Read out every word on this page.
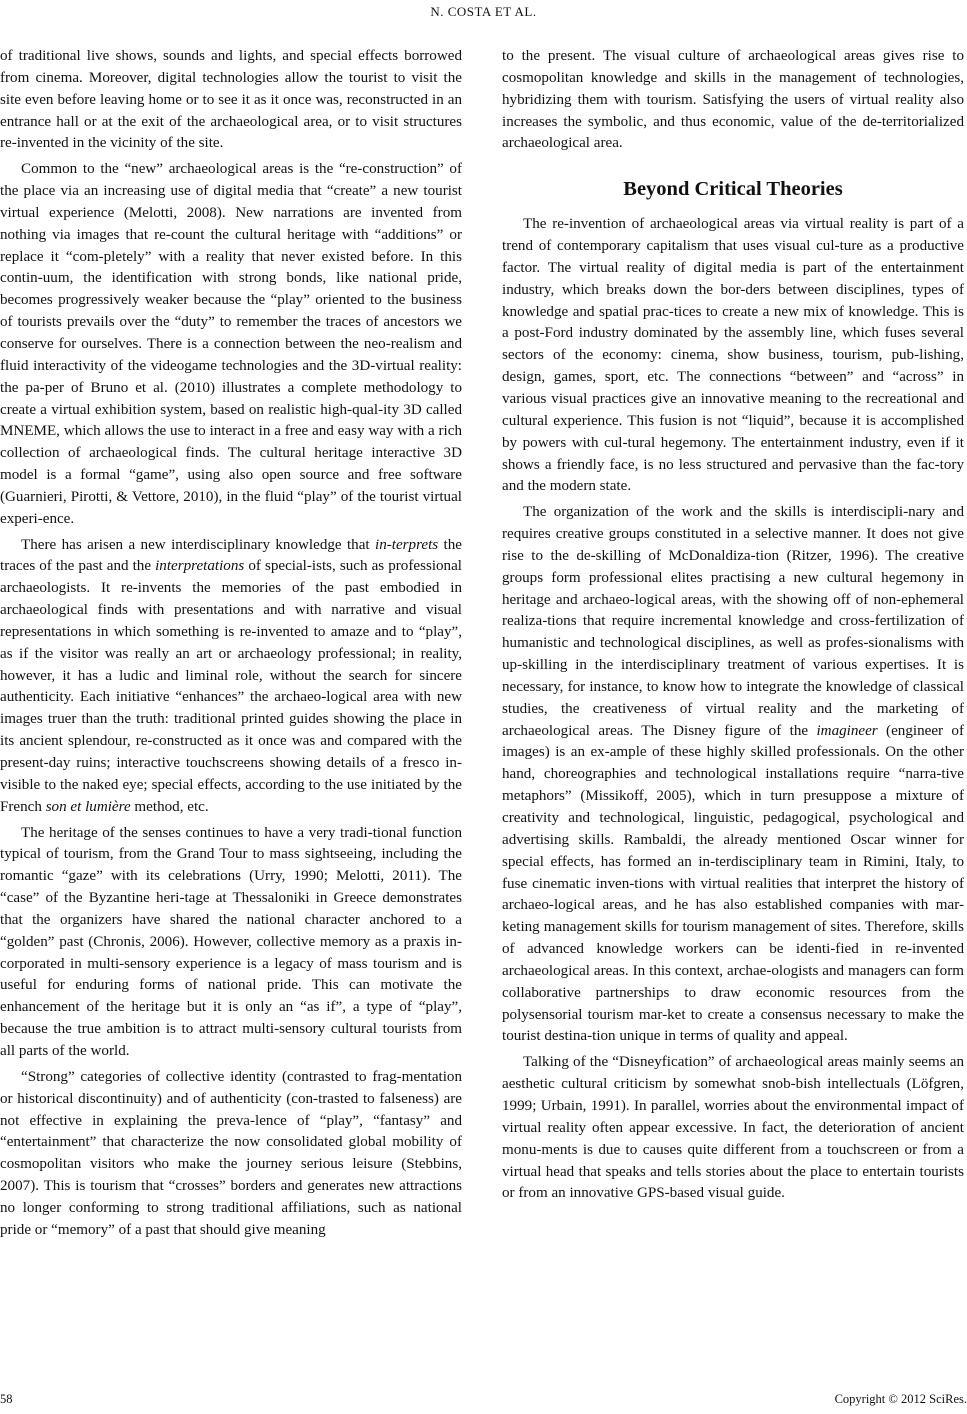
N. COSTA ET AL.

of traditional live shows, sounds and lights, and special effects borrowed from cinema. Moreover, digital technologies allow the tourist to visit the site even before leaving home or to see it as it once was, reconstructed in an entrance hall or at the exit of the archaeological area, or to visit structures re-invented in the vicinity of the site.

Common to the “new” archaeological areas is the “re-construction” of the place via an increasing use of digital media that “create” a new tourist virtual experience (Melotti, 2008). New narrations are invented from nothing via images that re-count the cultural heritage with “additions” or replace it “com-pletely” with a reality that never existed before. In this contin-uum, the identification with strong bonds, like national pride, becomes progressively weaker because the “play” oriented to the business of tourists prevails over the “duty” to remember the traces of ancestors we conserve for ourselves. There is a connection between the neo-realism and fluid interactivity of the videogame technologies and the 3D-virtual reality: the pa-per of Bruno et al. (2010) illustrates a complete methodology to create a virtual exhibition system, based on realistic high-qual-ity 3D called MNEME, which allows the use to interact in a free and easy way with a rich collection of archaeological finds. The cultural heritage interactive 3D model is a formal “game”, using also open source and free software (Guarnieri, Pirotti, & Vettore, 2010), in the fluid “play” of the tourist virtual experi-ence.

There has arisen a new interdisciplinary knowledge that in-terprets the traces of the past and the interpretations of special-ists, such as professional archaeologists. It re-invents the memories of the past embodied in archaeological finds with presentations and with narrative and visual representations in which something is re-invented to amaze and to “play”, as if the visitor was really an art or archaeology professional; in reality, however, it has a ludic and liminal role, without the search for sincere authenticity. Each initiative “enhances” the archaeo-logical area with new images truer than the truth: traditional printed guides showing the place in its ancient splendour, re-constructed as it once was and compared with the present-day ruins; interactive touchscreens showing details of a fresco in-visible to the naked eye; special effects, according to the use initiated by the French son et lumière method, etc.

The heritage of the senses continues to have a very tradi-tional function typical of tourism, from the Grand Tour to mass sightseeing, including the romantic “gaze” with its celebrations (Urry, 1990; Melotti, 2011). The “case” of the Byzantine heri-tage at Thessaloniki in Greece demonstrates that the organizers have shared the national character anchored to a “golden” past (Chronis, 2006). However, collective memory as a praxis in-corporated in multi-sensory experience is a legacy of mass tourism and is useful for enduring forms of national pride. This can motivate the enhancement of the heritage but it is only an “as if”, a type of “play”, because the true ambition is to attract multi-sensory cultural tourists from all parts of the world.

“Strong” categories of collective identity (contrasted to frag-mentation or historical discontinuity) and of authenticity (con-trasted to falseness) are not effective in explaining the preva-lence of “play”, “fantasy” and “entertainment” that characterize the now consolidated global mobility of cosmopolitan visitors who make the journey serious leisure (Stebbins, 2007). This is tourism that “crosses” borders and generates new attractions no longer conforming to strong traditional affiliations, such as national pride or “memory” of a past that should give meaning

to the present. The visual culture of archaeological areas gives rise to cosmopolitan knowledge and skills in the management of technologies, hybridizing them with tourism. Satisfying the users of virtual reality also increases the symbolic, and thus economic, value of the de-territorialized archaeological area.

Beyond Critical Theories

The re-invention of archaeological areas via virtual reality is part of a trend of contemporary capitalism that uses visual cul-ture as a productive factor. The virtual reality of digital media is part of the entertainment industry, which breaks down the bor-ders between disciplines, types of knowledge and spatial prac-tices to create a new mix of knowledge. This is a post-Ford industry dominated by the assembly line, which fuses several sectors of the economy: cinema, show business, tourism, pub-lishing, design, games, sport, etc. The connections “between” and “across” in various visual practices give an innovative meaning to the recreational and cultural experience. This fusion is not “liquid”, because it is accomplished by powers with cul-tural hegemony. The entertainment industry, even if it shows a friendly face, is no less structured and pervasive than the fac-tory and the modern state.

The organization of the work and the skills is interdiscipli-nary and requires creative groups constituted in a selective manner. It does not give rise to the de-skilling of McDonaldiza-tion (Ritzer, 1996). The creative groups form professional elites practising a new cultural hegemony in heritage and archaeo-logical areas, with the showing off of non-ephemeral realiza-tions that require incremental knowledge and cross-fertilization of humanistic and technological disciplines, as well as profes-sionalisms with up-skilling in the interdisciplinary treatment of various expertises. It is necessary, for instance, to know how to integrate the knowledge of classical studies, the creativeness of virtual reality and the marketing of archaeological areas. The Disney figure of the imagineer (engineer of images) is an ex-ample of these highly skilled professionals. On the other hand, choreographies and technological installations require “narra-tive metaphors” (Missikoff, 2005), which in turn presuppose a mixture of creativity and technological, linguistic, pedagogical, psychological and advertising skills. Rambaldi, the already mentioned Oscar winner for special effects, has formed an in-terdisciplinary team in Rimini, Italy, to fuse cinematic inven-tions with virtual realities that interpret the history of archaeo-logical areas, and he has also established companies with mar-keting management skills for tourism management of sites. Therefore, skills of advanced knowledge workers can be identi-fied in re-invented archaeological areas. In this context, archae-ologists and managers can form collaborative partnerships to draw economic resources from the polysensorial tourism mar-ket to create a consensus necessary to make the tourist destina-tion unique in terms of quality and appeal.

Talking of the “Disneyfication” of archaeological areas mainly seems an aesthetic cultural criticism by somewhat snob-bish intellectuals (Löfgren, 1999; Urbain, 1991). In parallel, worries about the environmental impact of virtual reality often appear excessive. In fact, the deterioration of ancient monu-ments is due to causes quite different from a touchscreen or from a virtual head that speaks and tells stories about the place to entertain tourists or from an innovative GPS-based visual guide.

58	Copyright © 2012 SciRes.
